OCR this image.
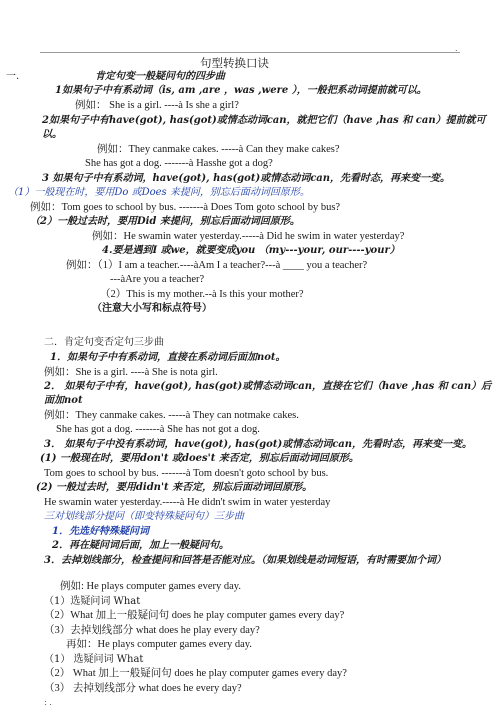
.
句型转换口诀
一.	肯定句变一般疑问句的四步曲
1如果句子中有系动词（is, am ,are ，was ,were ），一般把系动词提前就可以。
例如： She is a girl. ----à Is she a girl?
2如果句子中有have(got), has(got)或情态动词can，就把它们（have ,has 和 can）提前就可
以。
例如：They canmake cakes. -----à Can they make cakes?
She has got a dog. -------à Hasshe got a dog?
3 如果句子中有系动词，have(got), has(got)或情态动词can，先看时态，再来变一变。
（1）一般现在时，要用Do 或Does 来提问，别忘后面动词回原形。
例如：Tom goes to school by bus. -------à Does Tom goto school by bus?
（2）一般过去时，要用Did 来提问，别忘后面动词回原形。
例如：He swamin water yesterday.-----à Did he swim in water yesterday?
4.要是遇到I 或we，就要变成you （my---your, our----your）
例如：（1）I am a teacher.----àAm I a teacher?---à ____ you a teacher?
---àAre you a teacher?
（2）This is my mother.--à Is this your mother?
（注意大小写和标点符号）
二．肯定句变否定句三步曲
1．如果句子中有系动词，直接在系动词后面加not。
例如：She is a girl. ----à She is nota girl.
2． 如果句子中有，have(got), has(got)或情态动词can，直接在它们（have ,has 和 can）后
面加not
例如：They canmake cakes. -----à They can notmake cakes.
She has got a dog. -------à She has not got a dog.
3． 如果句子中没有系动词，have(got), has(got)或情态动词can，先看时态，再来变一变。
(1) 一般现在时，要用don't 或does't 来否定，别忘后面动词回原形。
Tom goes to school by bus. -------à Tom doesn't goto school by bus.
(2) 一般过去时，要用didn't 来否定，别忘后面动词回原形。
He swamin water yesterday.-----à He didn't swim in water yesterday
三对划线部分提问（即变特殊疑问句）三步曲
1．先选好特殊疑问词
2．再在疑问词后面，加上一般疑问句。
3．去掉划线部分，检查提问和回答是否能对应。（如果划线是动词短语，有时需要加个词）
例如: He plays computer games every day.
（1）选疑问词 What
（2）What 加上一般疑问句 does he play computer games every day?
（3）去掉划线部分 what does he play every day?
再如：He plays computer games every day.
（1） 选疑问词 What
（2） What 加上一般疑问句 does he play computer games every day?
（3） 去掉划线部分 what does he every day?
: .
